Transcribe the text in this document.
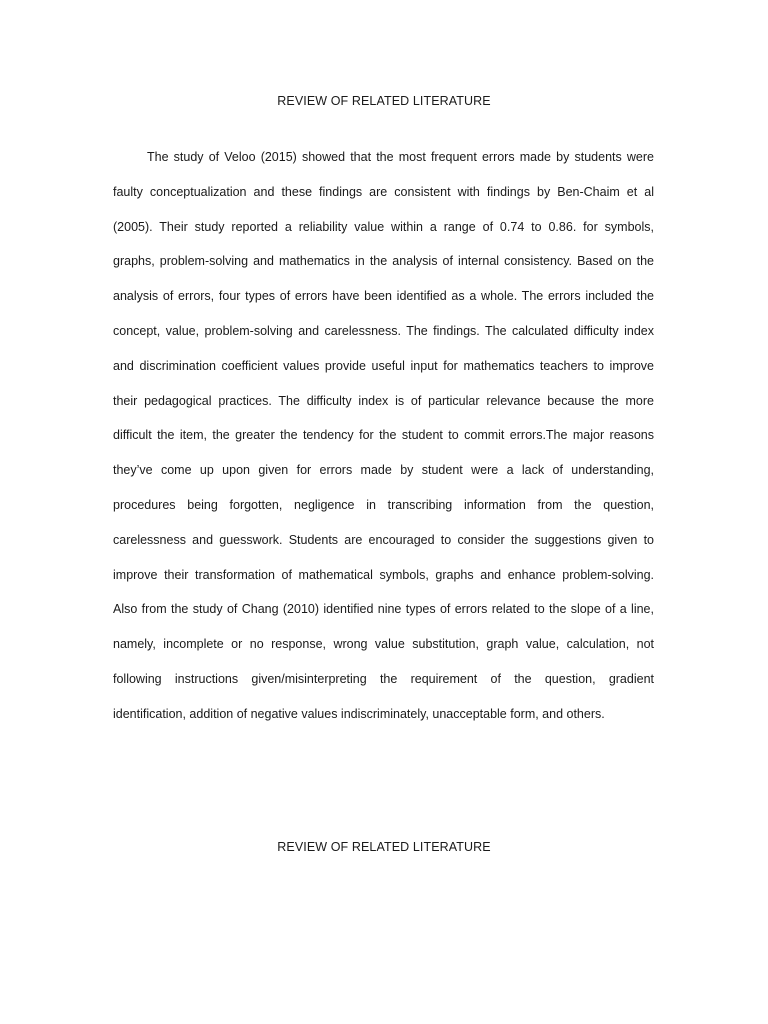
REVIEW OF RELATED LITERATURE
The study of Veloo (2015) showed that the most frequent errors made by students were
faulty conceptualization and these findings are consistent with findings by Ben-Chaim et al
(2005). Their study reported a reliability value within a range of 0.74 to 0.86. for symbols,
graphs, problem-solving and mathematics in the analysis of internal consistency. Based on the
analysis of errors, four types of errors have been identified as a whole. The errors included the
concept, value, problem-solving and carelessness. The findings. The calculated difficulty index
and discrimination coefficient values provide useful input for mathematics teachers to improve
their pedagogical practices. The difficulty index is of particular relevance because the more
difficult the item, the greater the tendency for the student to commit errors.The major reasons
they’ve come up upon given for errors made by student were a lack of understanding,
procedures being forgotten, negligence in transcribing information from the question,
carelessness and guesswork. Students are encouraged to consider the suggestions given to
improve their transformation of mathematical symbols, graphs and enhance problem-solving.
Also from the study of Chang (2010) identified nine types of errors related to the slope of a line,
namely, incomplete or no response, wrong value substitution, graph value, calculation, not
following instructions given/misinterpreting the requirement of the question, gradient
identification, addition of negative values indiscriminately, unacceptable form, and others.
REVIEW OF RELATED LITERATURE
